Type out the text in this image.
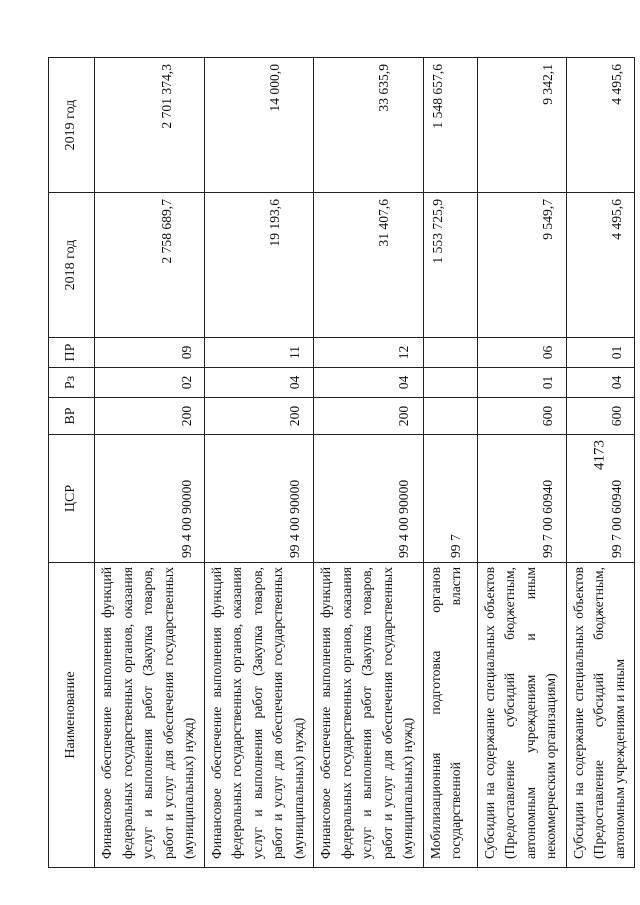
4173
Наименование	ЦСР	ВР	Рз	ПР	2018 год	2019 год
Финансовое обеспечение выполнения функций федеральных государственных органов, оказания услуг и выполнения работ (Закупка товаров, работ и услуг для обеспечения государственных (муниципальных) нужд)	99 4 00 90000	200	02	09	2 758 689,7	2 701 374,3
Финансовое обеспечение выполнения функций федеральных государственных органов, оказания услуг и выполнения работ (Закупка товаров, работ и услуг для обеспечения государственных (муниципальных) нужд)	99 4 00 90000	200	04	11	19 193,6	14 000,0
Финансовое обеспечение выполнения функций федеральных государственных органов, оказания услуг и выполнения работ (Закупка товаров, работ и услуг для обеспечения государственных (муниципальных) нужд)	99 4 00 90000	200	04	12	31 407,6	33 635,9
Мобилизационная подготовка органов государственной власти	99 7				1 553 725,9	1 548 657,6
Субсидии на содержание специальных объектов (Предоставление субсидий бюджетным, автономным учреждениям и иным некоммерческим организациям)	99 7 00 60940	600	01	06	9 549,7	9 342,1
Субсидии на содержание специальных объектов (Предоставление субсидий бюджетным, автономным учреждениям и иным	99 7 00 60940	600	04	01	4 495,6	4 495,6
